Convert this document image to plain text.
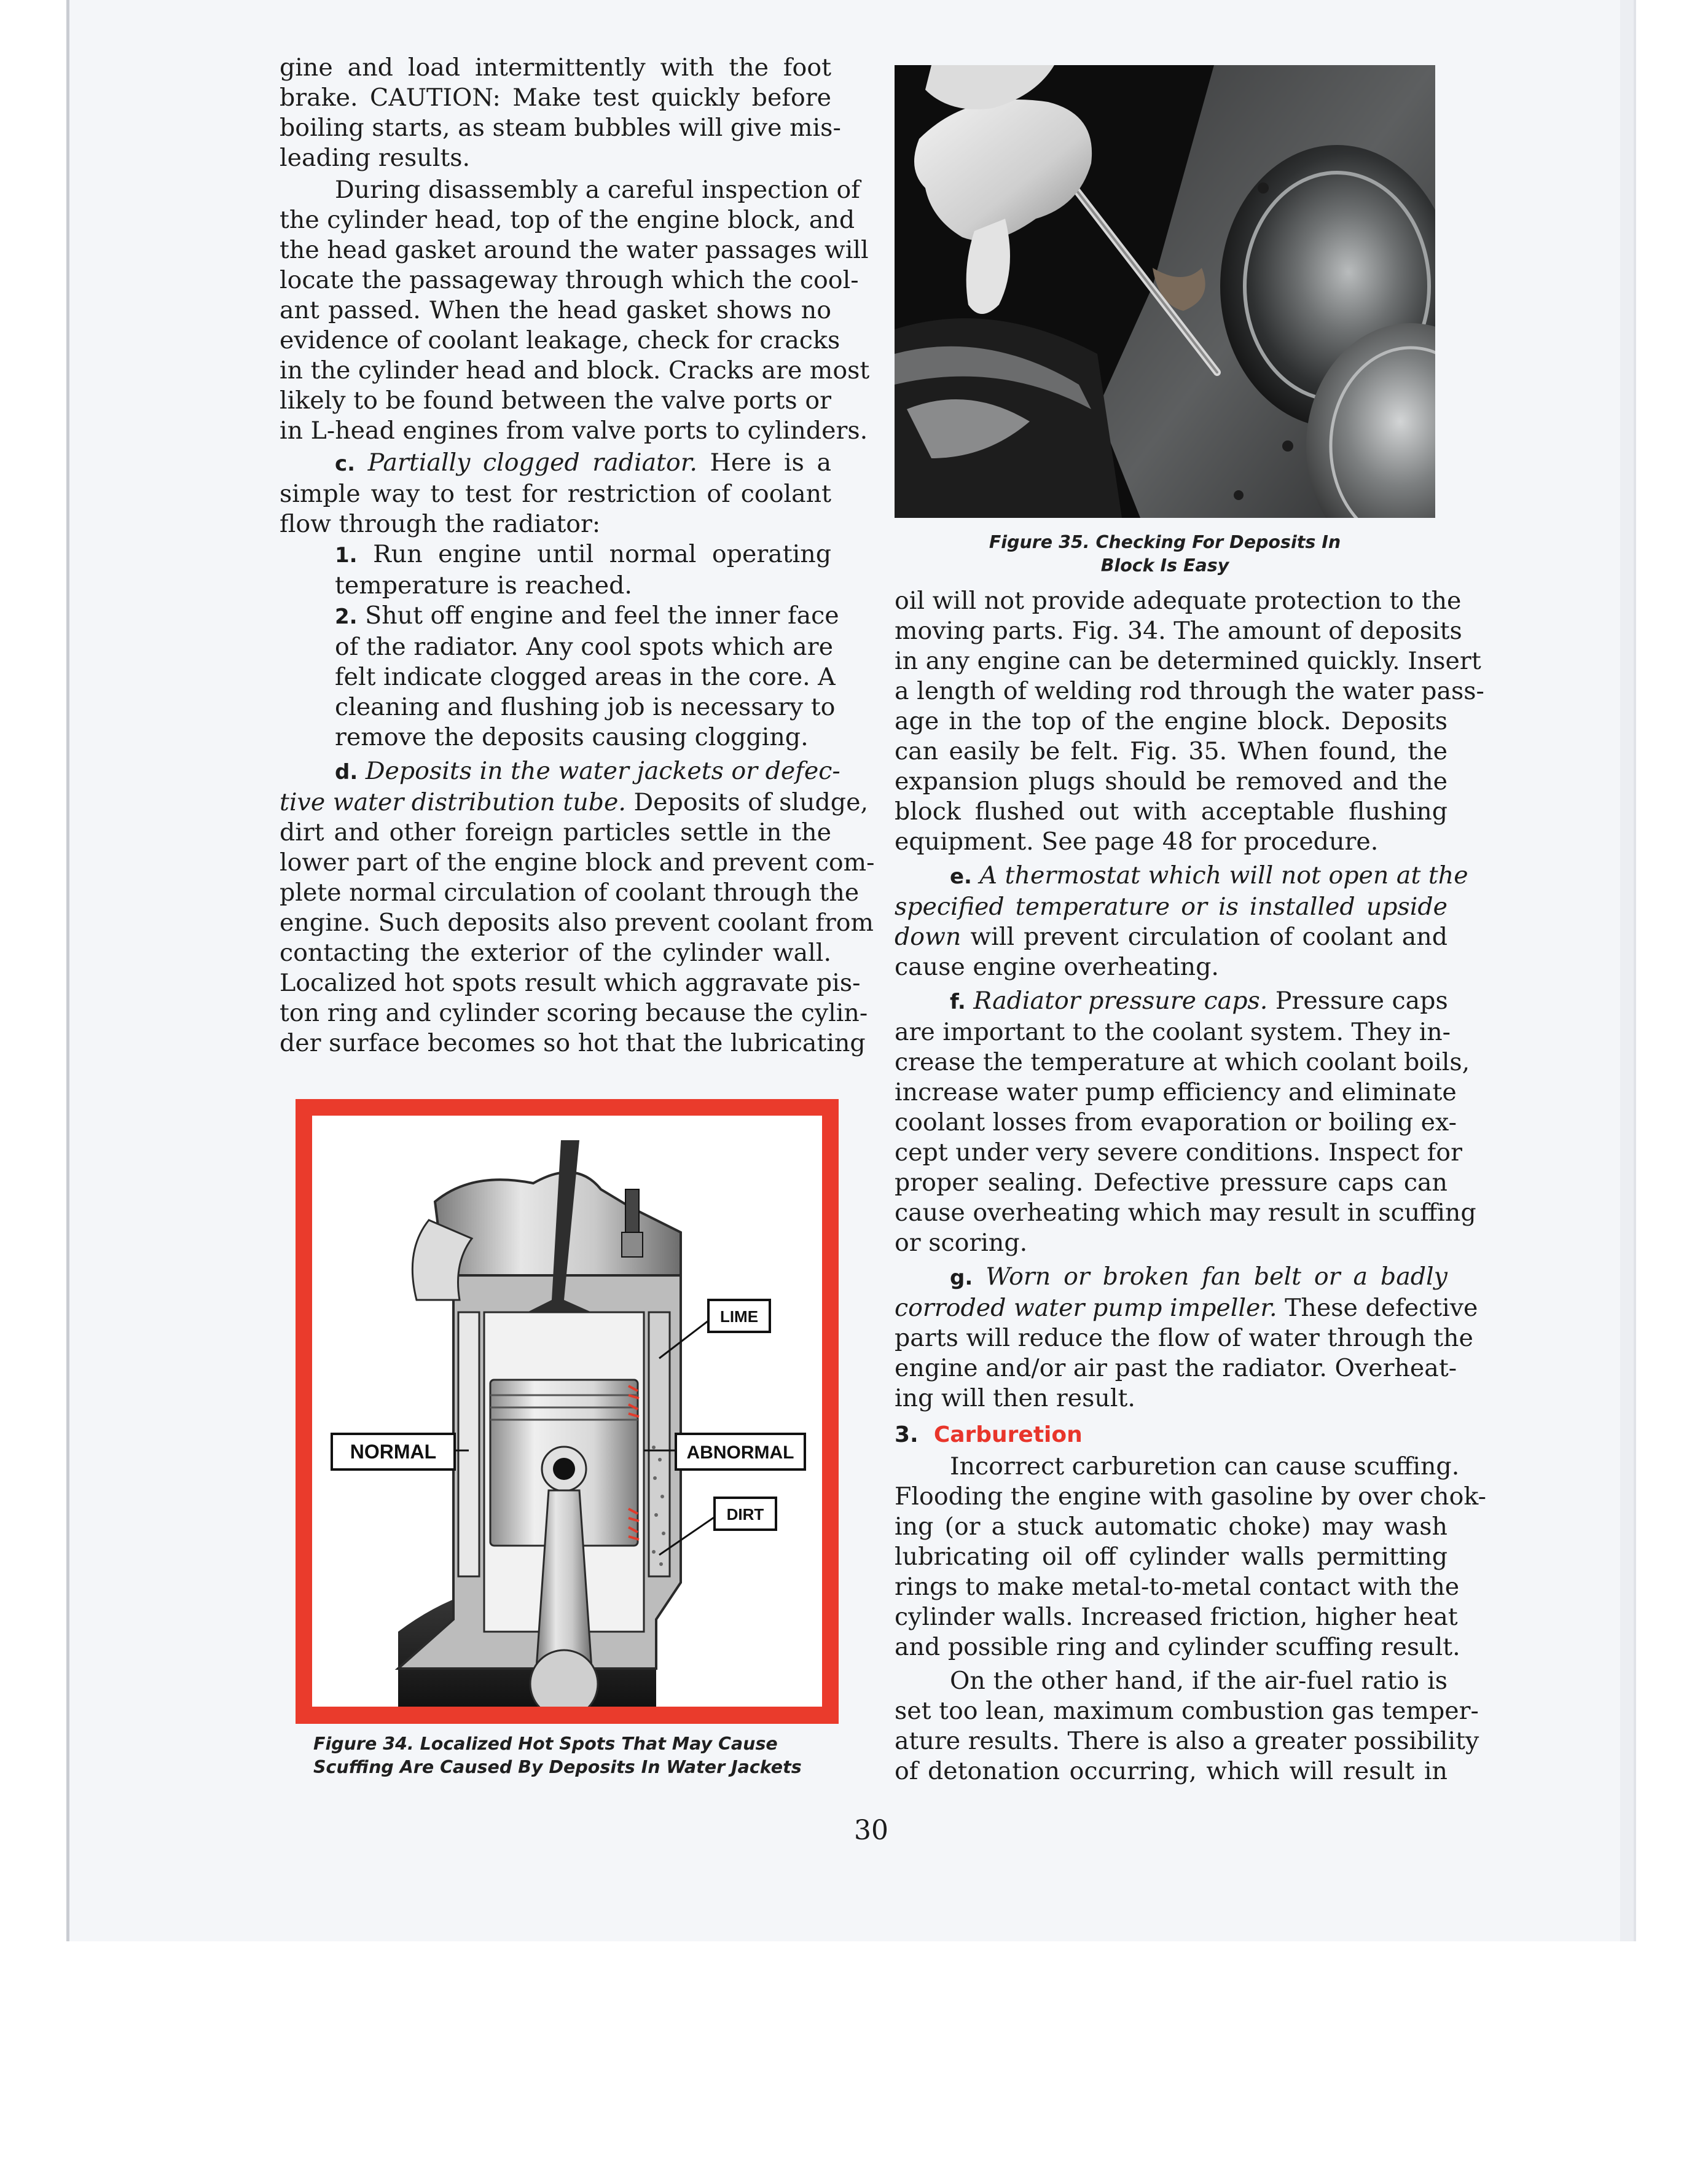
gine and load intermittently with the foot
brake. CAUTION: Make test quickly before
boiling starts, as steam bubbles will give mis-
leading results.

During disassembly a careful inspection of
the cylinder head, top of the engine block, and
the head gasket around the water passages will
locate the passageway through which the cool-
ant passed. When the head gasket shows no
evidence of coolant leakage, check for cracks
in the cylinder head and block. Cracks are most
likely to be found between the valve ports or
in L-head engines from valve ports to cylinders.

c. Partially clogged radiator. Here is a
simple way to test for restriction of coolant
flow through the radiator:

1. Run engine until normal operating
temperature is reached.
2. Shut off engine and feel the inner face
of the radiator. Any cool spots which are
felt indicate clogged areas in the core. A
cleaning and flushing job is necessary to
remove the deposits causing clogging.

d. Deposits in the water jackets or defec-
tive water distribution tube. Deposits of sludge,
dirt and other foreign particles settle in the
lower part of the engine block and prevent com-
plete normal circulation of coolant through the
engine. Such deposits also prevent coolant from
contacting the exterior of the cylinder wall.
Localized hot spots result which aggravate pis-
ton ring and cylinder scoring because the cylin-
der surface becomes so hot that the lubricating

Figure 35. Checking For Deposits In
Block Is Easy

oil will not provide adequate protection to the
moving parts. Fig. 34. The amount of deposits
in any engine can be determined quickly. Insert
a length of welding rod through the water pass-
age in the top of the engine block. Deposits
can easily be felt. Fig. 35. When found, the
expansion plugs should be removed and the
block flushed out with acceptable flushing
equipment. See page 48 for procedure.

e. A thermostat which will not open at the
specified temperature or is installed upside
down will prevent circulation of coolant and
cause engine overheating.

f. Radiator pressure caps. Pressure caps
are important to the coolant system. They in-
crease the temperature at which coolant boils,
increase water pump efficiency and eliminate
coolant losses from evaporation or boiling ex-
cept under very severe conditions. Inspect for
proper sealing. Defective pressure caps can
cause overheating which may result in scuffing
or scoring.

g. Worn or broken fan belt or a badly
corroded water pump impeller. These defective
parts will reduce the flow of water through the
engine and/or air past the radiator. Overheat-
ing will then result.

3. Carburetion

Incorrect carburetion can cause scuffing.
Flooding the engine with gasoline by over chok-
ing (or a stuck automatic choke) may wash
lubricating oil off cylinder walls permitting
rings to make metal-to-metal contact with the
cylinder walls. Increased friction, higher heat
and possible ring and cylinder scuffing result.

On the other hand, if the air-fuel ratio is
set too lean, maximum combustion gas temper-
ature results. There is also a greater possibility
of detonation occurring, which will result in

LIME
DIRT
NORMAL	ABNORMAL
Figure 34. Localized Hot Spots That May Cause
Scuffing Are Caused By Deposits In Water Jackets
30
